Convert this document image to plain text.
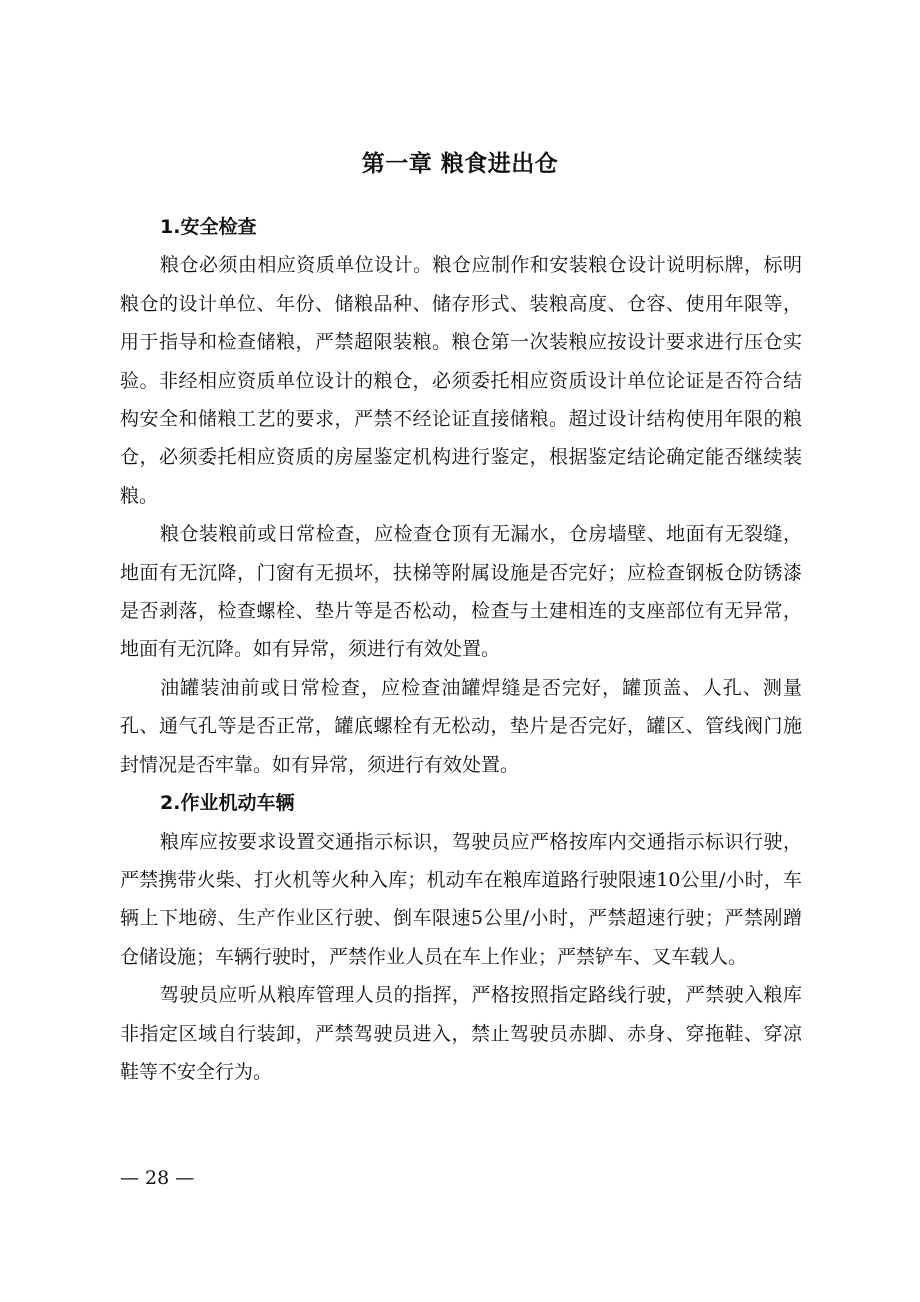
第一章 粮食进出仓

1.安全检查

粮仓必须由相应资质单位设计。粮仓应制作和安装粮仓设计说明标牌，标明粮仓的设计单位、年份、储粮品种、储存形式、装粮高度、仓容、使用年限等，用于指导和检查储粮，严禁超限装粮。粮仓第一次装粮应按设计要求进行压仓实验。非经相应资质单位设计的粮仓，必须委托相应资质设计单位论证是否符合结构安全和储粮工艺的要求，严禁不经论证直接储粮。超过设计结构使用年限的粮仓，必须委托相应资质的房屋鉴定机构进行鉴定，根据鉴定结论确定能否继续装粮。

粮仓装粮前或日常检查，应检查仓顶有无漏水，仓房墙壁、地面有无裂缝，地面有无沉降，门窗有无损坏，扶梯等附属设施是否完好；应检查钢板仓防锈漆是否剥落，检查螺栓、垫片等是否松动，检查与土建相连的支座部位有无异常，地面有无沉降。如有异常，须进行有效处置。

油罐装油前或日常检查，应检查油罐焊缝是否完好，罐顶盖、人孔、测量孔、通气孔等是否正常，罐底螺栓有无松动，垫片是否完好，罐区、管线阀门施封情况是否牢靠。如有异常，须进行有效处置。

2.作业机动车辆

粮库应按要求设置交通指示标识，驾驶员应严格按库内交通指示标识行驶，严禁携带火柴、打火机等火种入库；机动车在粮库道路行驶限速10公里/小时，车辆上下地磅、生产作业区行驶、倒车限速5公里/小时，严禁超速行驶；严禁剐蹭仓储设施；车辆行驶时，严禁作业人员在车上作业；严禁铲车、叉车载人。

驾驶员应听从粮库管理人员的指挥，严格按照指定路线行驶，严禁驶入粮库非指定区域自行装卸，严禁驾驶员进入，禁止驾驶员赤脚、赤身、穿拖鞋、穿凉鞋等不安全行为。

— 28 —
